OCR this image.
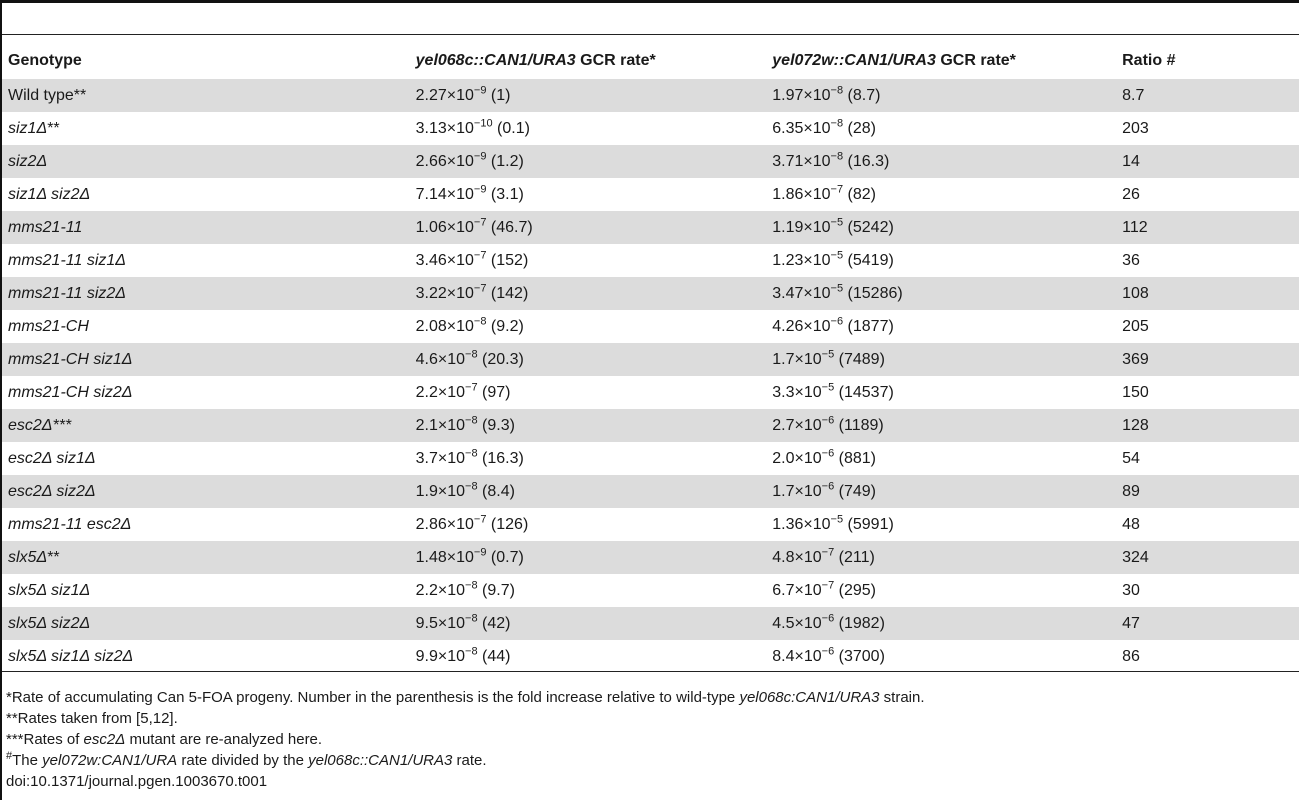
Genotype	yel068c::CAN1/URA3 GCR rate*	yel072w::CAN1/URA3 GCR rate*	Ratio #
Wild type**	$2.27\times 10^{-9}$ (1)	$1.97\times 10^{-8}$ (8.7)	8.7
siz1Δ**	$3.13\times 10^{-10}$ (0.1)	$6.35\times 10^{-8}$ (28)	203
siz2Δ	$2.66\times 10^{-9}$ (1.2)	$3.71\times 10^{-8}$ (16.3)	14
siz1Δ siz2Δ	$7.14\times 10^{-9}$ (3.1)	$1.86\times 10^{-7}$ (82)	26
mms21-11	$1.06\times 10^{-7}$ (46.7)	$1.19\times 10^{-5}$ (5242)	112
mms21-11 siz1Δ	$3.46\times 10^{-7}$ (152)	$1.23\times 10^{-5}$ (5419)	36
mms21-11 siz2Δ	$3.22\times 10^{-7}$ (142)	$3.47\times 10^{-5}$ (15286)	108
mms21-CH	$2.08\times 10^{-8}$ (9.2)	$4.26\times 10^{-6}$ (1877)	205
mms21-CH siz1Δ	$4.6\times 10^{-8}$ (20.3)	$1.7\times 10^{-5}$ (7489)	369
mms21-CH siz2Δ	$2.2\times 10^{-7}$ (97)	$3.3\times 10^{-5}$ (14537)	150
esc2Δ***	$2.1\times 10^{-8}$ (9.3)	$2.7\times 10^{-6}$ (1189)	128
esc2Δ siz1Δ	$3.7\times 10^{-8}$ (16.3)	$2.0\times 10^{-6}$ (881)	54
esc2Δ siz2Δ	$1.9\times 10^{-8}$ (8.4)	$1.7\times 10^{-6}$ (749)	89
mms21-11 esc2Δ	$2.86\times 10^{-7}$ (126)	$1.36\times 10^{-5}$ (5991)	48
slx5Δ**	$1.48\times 10^{-9}$ (0.7)	$4.8\times 10^{-7}$ (211)	324
slx5Δ siz1Δ	$2.2\times 10^{-8}$ (9.7)	$6.7\times 10^{-7}$ (295)	30
slx5Δ siz2Δ	$9.5\times 10^{-8}$ (42)	$4.5\times 10^{-6}$ (1982)	47
slx5Δ siz1Δ siz2Δ	$9.9\times 10^{-8}$ (44)	$8.4\times 10^{-6}$ (3700)	86
*Rate of accumulating Can 5-FOA progeny. Number in the parenthesis is the fold increase relative to wild-type yel068c:CAN1/URA3 strain.
**Rates taken from [5,12].
***Rates of esc2Δ mutant are re-analyzed here.
#The yel072w:CAN1/URA rate divided by the yel068c::CAN1/URA3 rate.
doi:10.1371/journal.pgen.1003670.t001
